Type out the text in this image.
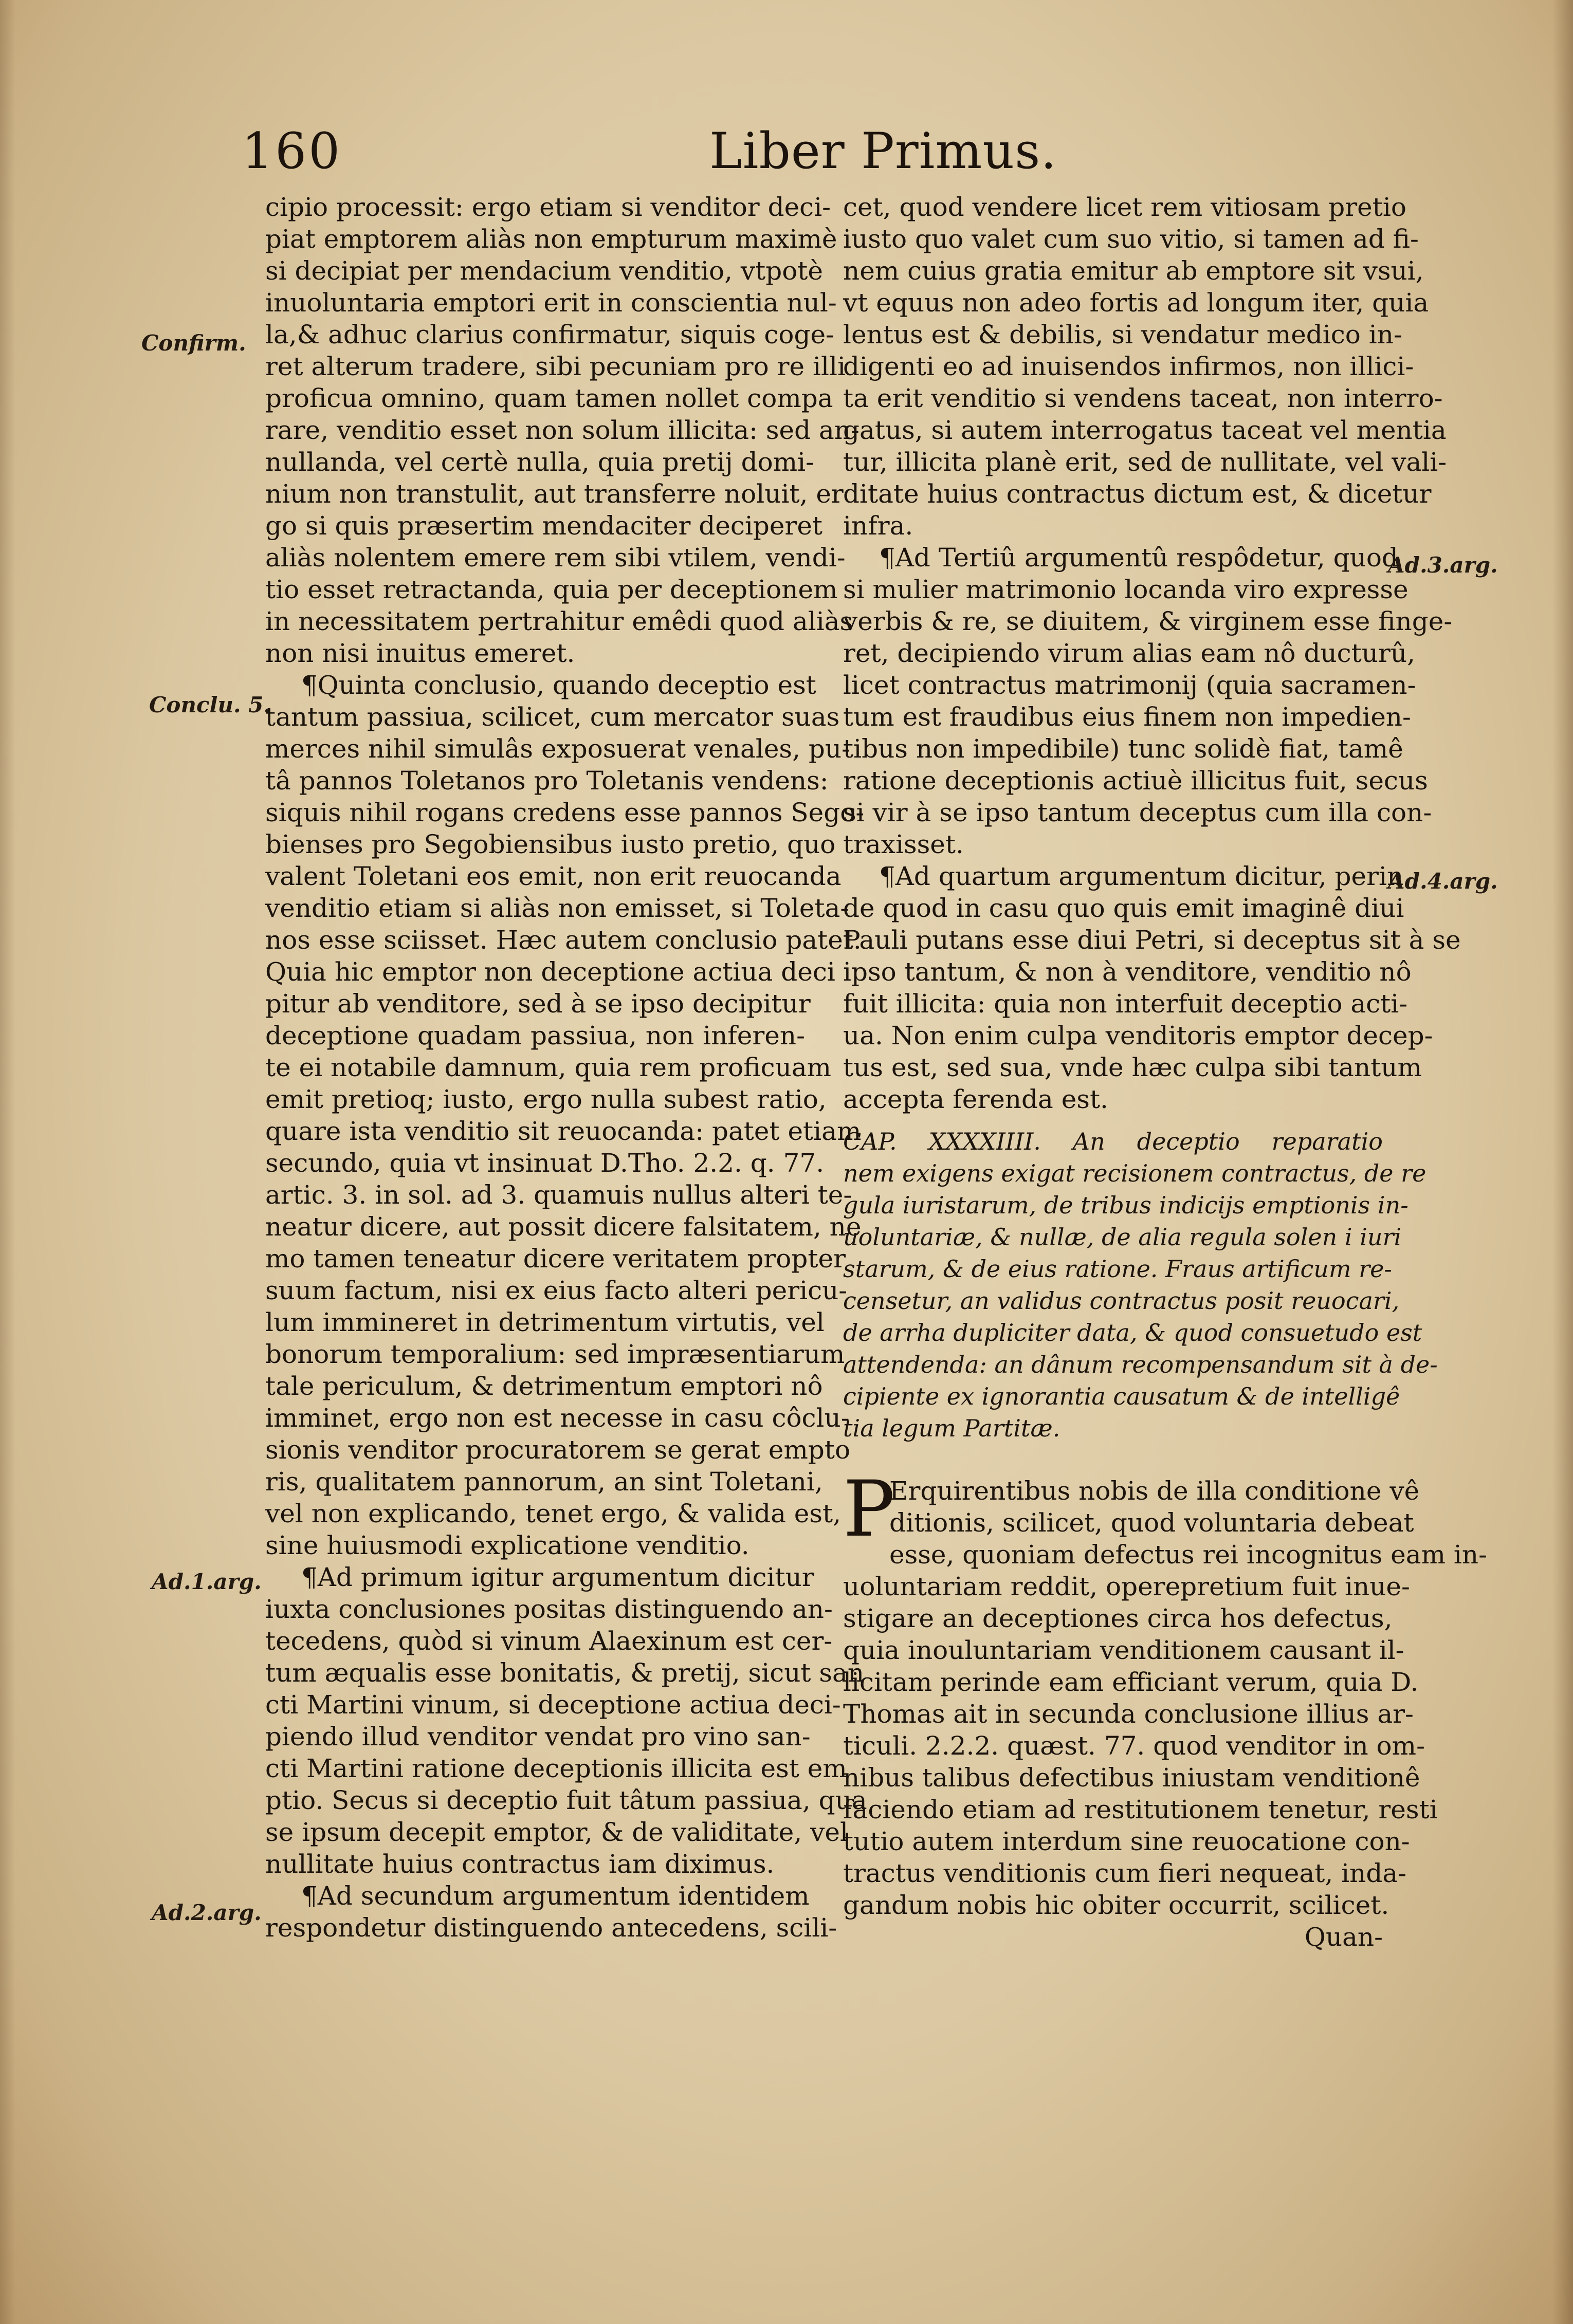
160	Liber Primus.
Confirm.
Conclu. 5.
Ad.1.arg.
Ad.2.arg.
Ad.3.arg.
Ad.4.arg.
cipio processit: ergo etiam si venditor deci-
piat emptorem aliàs non empturum maximè
si decipiat per mendacium venditio, vtpotè
inuoluntaria emptori erit in conscientia nul-
la,& adhuc clarius confirmatur, siquis coge-
ret alterum tradere, sibi pecuniam pro re illi
proficua omnino, quam tamen nollet compa
rare, venditio esset non solum illicita: sed an-
nullanda, vel certè nulla, quia pretij domi-
nium non transtulit, aut transferre noluit, er
go si quis præsertim mendaciter deciperet
aliàs nolentem emere rem sibi vtilem, vendi-
tio esset retractanda, quia per deceptionem
in necessitatem pertrahitur emêdi quod aliàs
non nisi inuitus emeret.
¶Quinta conclusio, quando deceptio est
tantum passiua, scilicet, cum mercator suas
merces nihil simulâs exposuerat venales, pu-
tâ pannos Toletanos pro Toletanis vendens:
siquis nihil rogans credens esse pannos Sego-
bienses pro Segobiensibus iusto pretio, quo
valent Toletani eos emit, non erit reuocanda
venditio etiam si aliàs non emisset, si Toleta-
nos esse sciisset. Hæc autem conclusio patet.
Quia hic emptor non deceptione actiua deci
pitur ab venditore, sed à se ipso decipitur
deceptione quadam passiua, non inferen-
te ei notabile damnum, quia rem proficuam
emit pretioq; iusto, ergo nulla subest ratio,
quare ista venditio sit reuocanda: patet etiam
secundo, quia vt insinuat D.Tho. 2.2. q. 77.
artic. 3. in sol. ad 3. quamuis nullus alteri te-
neatur dicere, aut possit dicere falsitatem, ne
mo tamen teneatur dicere veritatem propter
suum factum, nisi ex eius facto alteri pericu-
lum immineret in detrimentum virtutis, vel
bonorum temporalium: sed impræsentiarum
tale periculum, & detrimentum emptori nô
imminet, ergo non est necesse in casu côclu-
sionis venditor procuratorem se gerat empto
ris, qualitatem pannorum, an sint Toletani,
vel non explicando, tenet ergo, & valida est,
sine huiusmodi explicatione venditio.
¶Ad primum igitur argumentum dicitur
iuxta conclusiones positas distinguendo an-
tecedens, quòd si vinum Alaexinum est cer-
tum æqualis esse bonitatis, & pretij, sicut san
cti Martini vinum, si deceptione actiua deci-
piendo illud venditor vendat pro vino san-
cti Martini ratione deceptionis illicita est em
ptio. Secus si deceptio fuit tâtum passiua, qua
se ipsum decepit emptor, & de validitate, vel
nullitate huius contractus iam diximus.
¶Ad secundum argumentum identidem
respondetur distinguendo antecedens, scili-
cet, quod vendere licet rem vitiosam pretio
iusto quo valet cum suo vitio, si tamen ad fi-
nem cuius gratia emitur ab emptore sit vsui,
vt equus non adeo fortis ad longum iter, quia
lentus est & debilis, si vendatur medico in-
digenti eo ad inuisendos infirmos, non illici-
ta erit venditio si vendens taceat, non interro-
gatus, si autem interrogatus taceat vel mentia
tur, illicita planè erit, sed de nullitate, vel vali-
ditate huius contractus dictum est, & dicetur
infra.
¶Ad Tertiû argumentû respôdetur, quod
si mulier matrimonio locanda viro expresse
verbis & re, se diuitem, & virginem esse finge-
ret, decipiendo virum alias eam nô ducturû,
licet contractus matrimonij (quia sacramen-
tum est fraudibus eius finem non impedien-
tibus non impedibile) tunc solidè fiat, tamê
ratione deceptionis actiuè illicitus fuit, secus
si vir à se ipso tantum deceptus cum illa con-
traxisset.
¶Ad quartum argumentum dicitur, perin
de quod in casu quo quis emit imaginê diui
Pauli putans esse diui Petri, si deceptus sit à se
ipso tantum, & non à venditore, venditio nô
fuit illicita: quia non interfuit deceptio acti-
ua. Non enim culpa venditoris emptor decep-
tus est, sed sua, vnde hæc culpa sibi tantum
accepta ferenda est.
CAP. XXXXIIII. An deceptio reparatio
nem exigens exigat recisionem contractus, de re
gula iuristarum, de tribus indicijs emptionis in-
uoluntariæ, & nullæ, de alia regula solen i iuri
starum, & de eius ratione. Fraus artificum re-
censetur, an validus contractus posit reuocari,
de arrha dupliciter data, & quod consuetudo est
attendenda: an dânum recompensandum sit à de-
cipiente ex ignorantia causatum & de intelligê
tia legum Partitæ.
P
Erquirentibus nobis de illa conditione vê
ditionis, scilicet, quod voluntaria debeat
esse, quoniam defectus rei incognitus eam in-
uoluntariam reddit, operepretium fuit inue-
stigare an deceptiones circa hos defectus,
quia inouluntariam venditionem causant il-
licitam perinde eam efficiant verum, quia D.
Thomas ait in secunda conclusione illius ar-
ticuli. 2.2.2. quæst. 77. quod venditor in om-
nibus talibus defectibus iniustam venditionê
faciendo etiam ad restitutionem tenetur, resti
tutio autem interdum sine reuocatione con-
tractus venditionis cum fieri nequeat, inda-
gandum nobis hic obiter occurrit, scilicet.
Quan-
